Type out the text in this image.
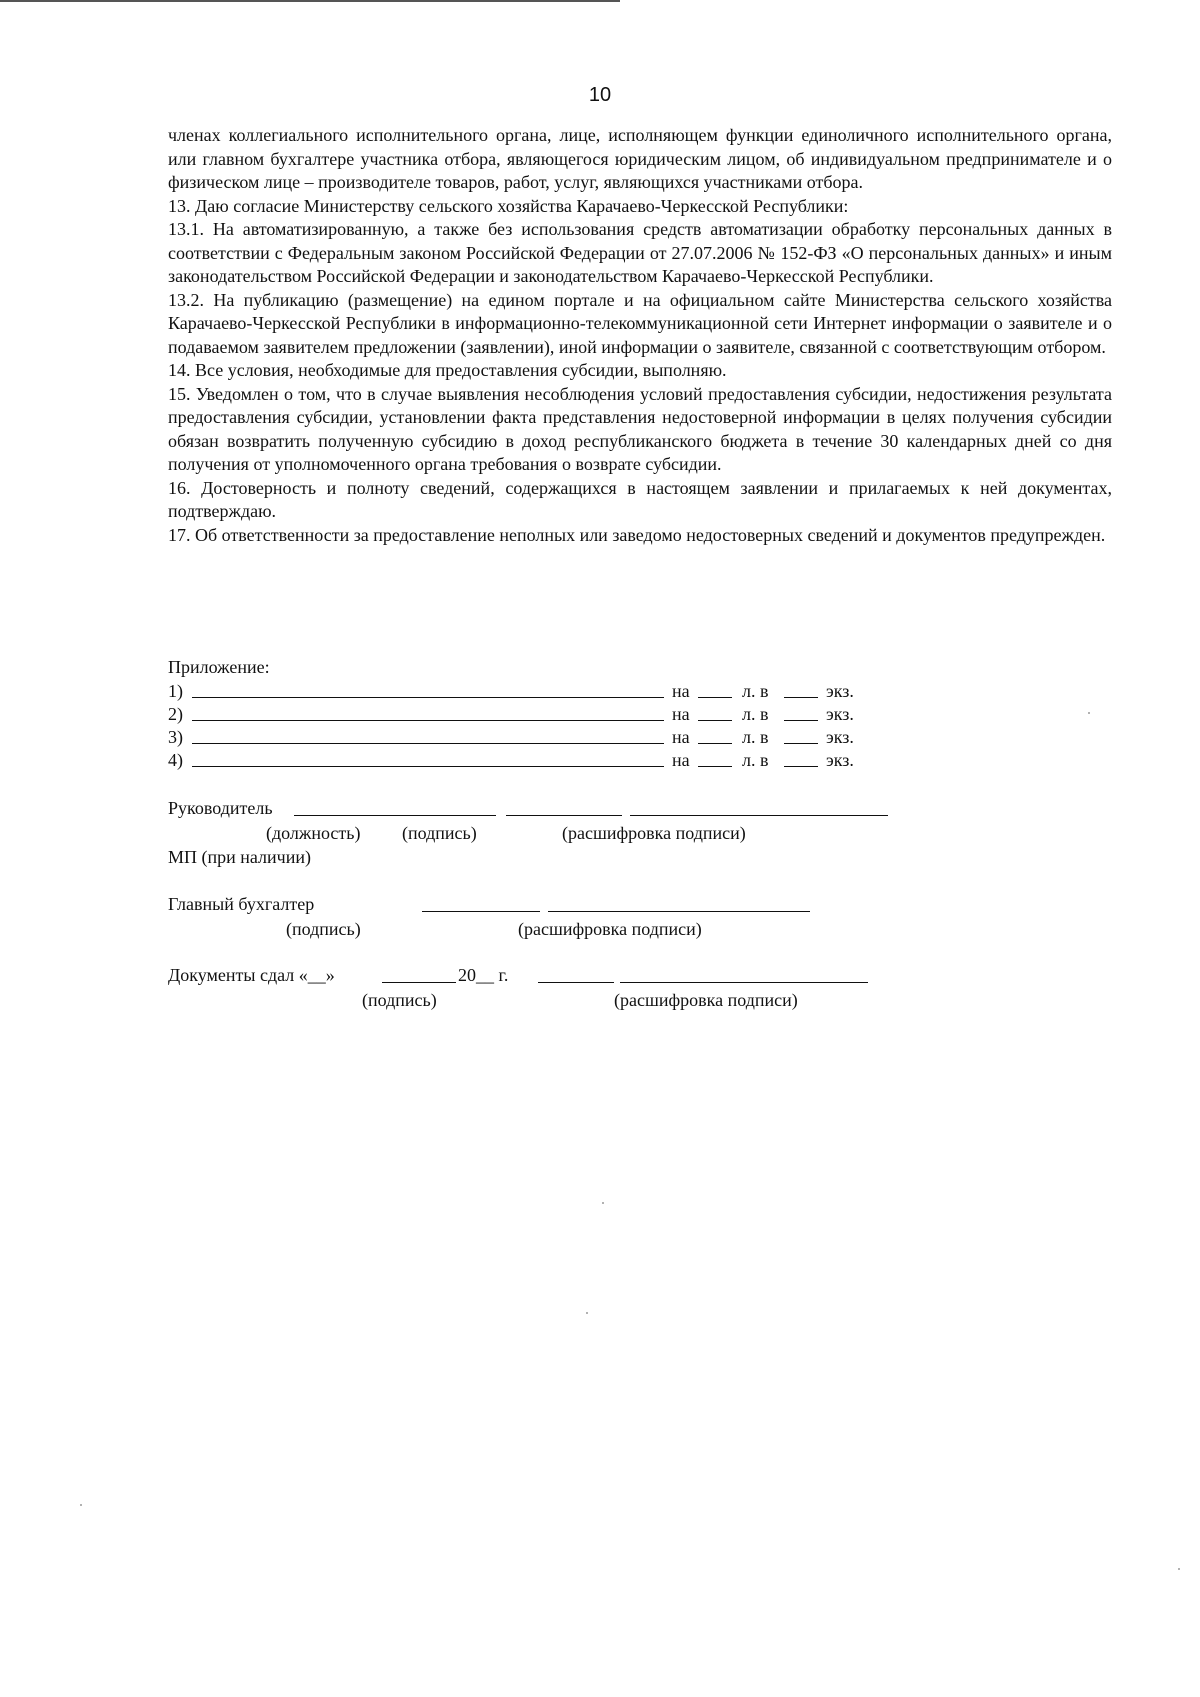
10

членах коллегиального исполнительного органа, лице, исполняющем функции единоличного исполнительного органа, или главном бухгалтере участника отбора, являющегося юридическим лицом, об индивидуальном предпринимателе и о физическом лице – производителе товаров, работ, услуг, являющихся участниками отбора.

13. Даю согласие Министерству сельского хозяйства Карачаево-Черкесской Республики:

13.1. На автоматизированную, а также без использования средств автоматизации обработку персональных данных в соответствии с Федеральным законом Российской Федерации от 27.07.2006 № 152-ФЗ «О персональных данных» и иным законодательством Российской Федерации и законодательством Карачаево-Черкесской Республики.

13.2. На публикацию (размещение) на едином портале и на официальном сайте Министерства сельского хозяйства Карачаево-Черкесской Республики в информационно-телекоммуникационной сети Интернет информации о заявителе и о подаваемом заявителем предложении (заявлении), иной информации о заявителе, связанной с соответствующим отбором.

14. Все условия, необходимые для предоставления субсидии, выполняю.

15. Уведомлен о том, что в случае выявления несоблюдения условий предоставления субсидии, недостижения результата предоставления субсидии, установлении факта представления недостоверной информации в целях получения субсидии обязан возвратить полученную субсидию в доход республиканского бюджета в течение 30 календарных дней со дня получения от уполномоченного органа требования о возврате субсидии.

16. Достоверность и полноту сведений, содержащихся в настоящем заявлении и прилагаемых к ней документах, подтверждаю.

17. Об ответственности за предоставление неполных или заведомо недостоверных сведений и документов предупрежден.

Приложение:
1)	на	л. в	экз.
2)	на	л. в	экз.
3)	на	л. в	экз.
4)	на	л. в	экз.
Руководитель
(должность) (подпись)	(расшифровка подписи)
МП (при наличии)
Главный бухгалтер
(подпись)	(расшифровка подписи)
Документы сдал «__»	20__ г.
(подпись)	(расшифровка подписи)
